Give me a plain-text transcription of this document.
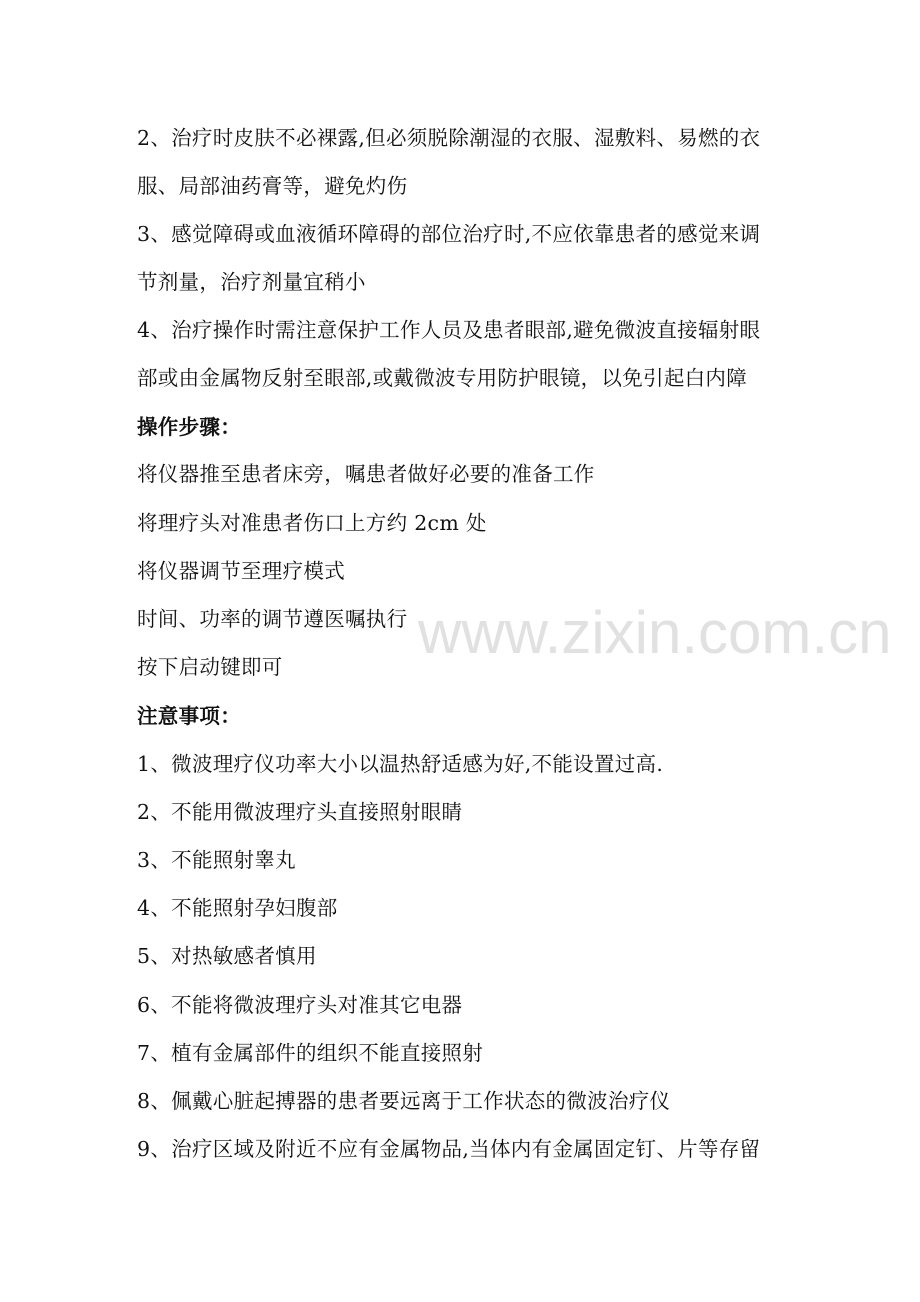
www.zixin.com.cn
2、治疗时皮肤不必裸露,但必须脱除潮湿的衣服、湿敷料、易燃的衣
服、局部油药膏等，避免灼伤
3、感觉障碍或血液循环障碍的部位治疗时,不应依靠患者的感觉来调
节剂量，治疗剂量宜稍小
4、治疗操作时需注意保护工作人员及患者眼部,避免微波直接辐射眼
部或由金属物反射至眼部,或戴微波专用防护眼镜，以免引起白内障
操作步骤：
将仪器推至患者床旁，嘱患者做好必要的准备工作
将理疗头对准患者伤口上方约 2cm 处
将仪器调节至理疗模式
时间、功率的调节遵医嘱执行
按下启动键即可
注意事项：
1、微波理疗仪功率大小以温热舒适感为好,不能设置过高.
2、不能用微波理疗头直接照射眼睛
3、不能照射睾丸
4、不能照射孕妇腹部
5、对热敏感者慎用
6、不能将微波理疗头对准其它电器
7、植有金属部件的组织不能直接照射
8、佩戴心脏起搏器的患者要远离于工作状态的微波治疗仪
9、治疗区域及附近不应有金属物品,当体内有金属固定钉、片等存留
